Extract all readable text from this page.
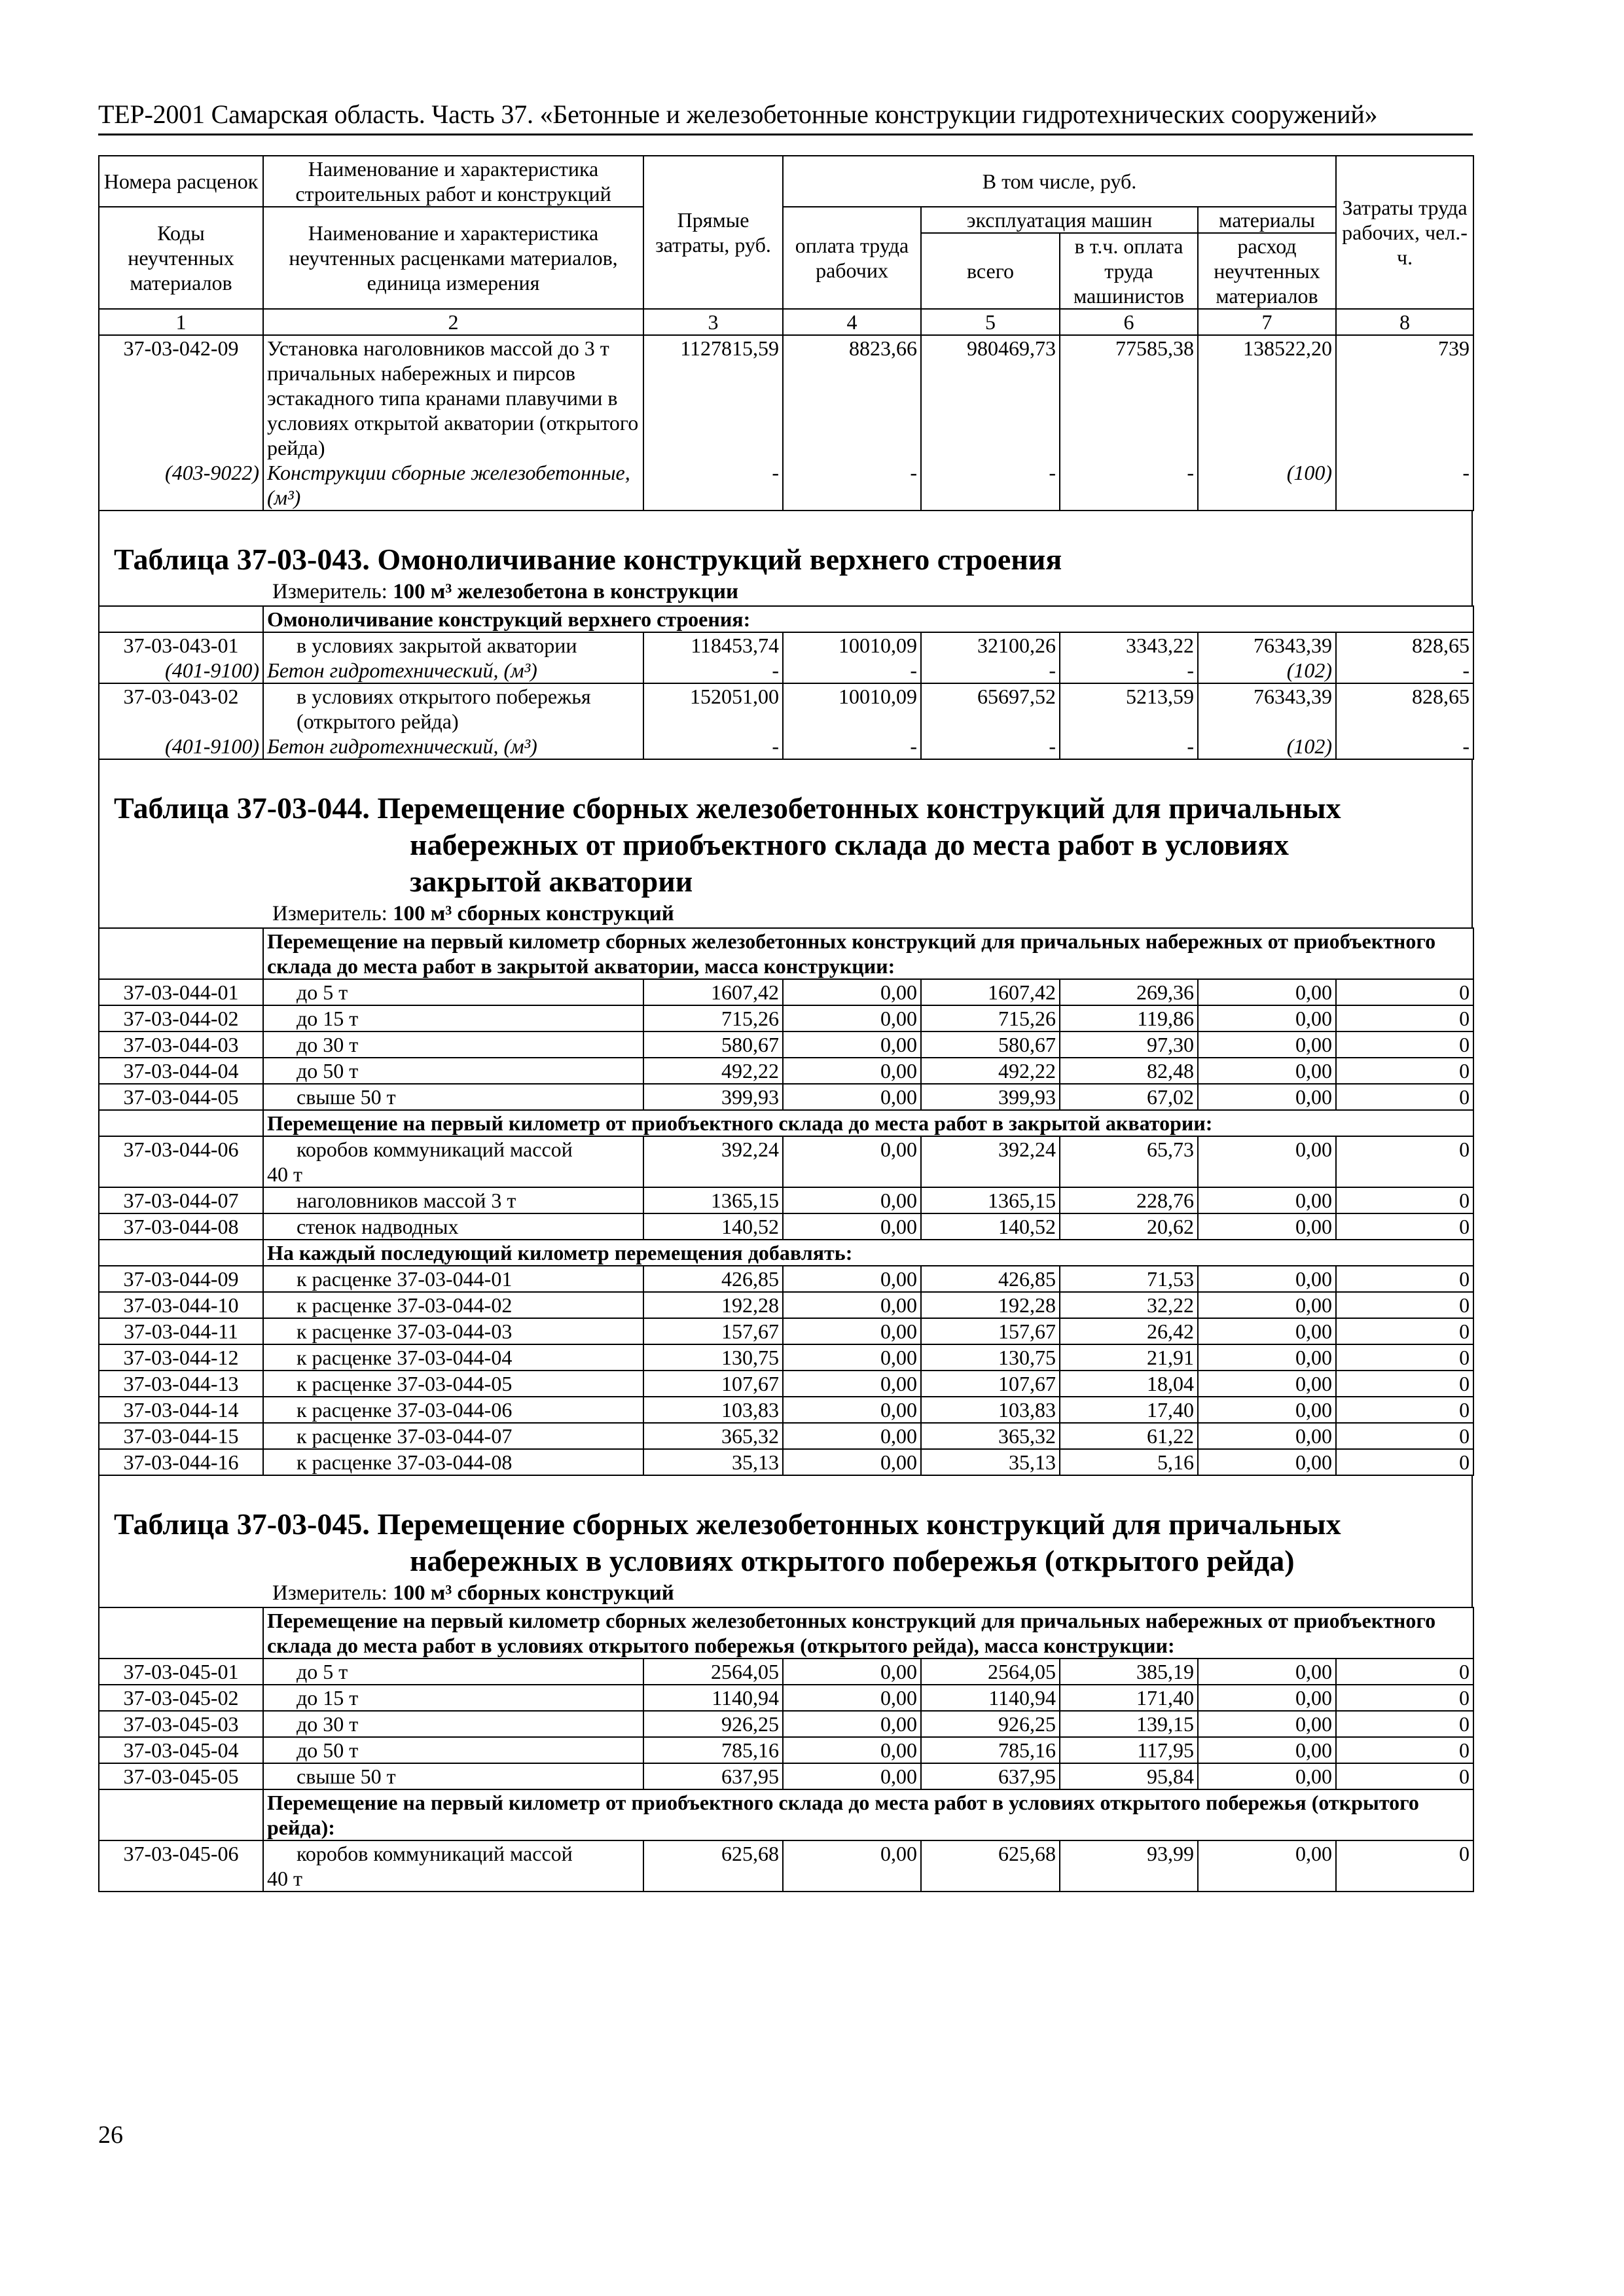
ТЕР-2001 Самарская область. Часть 37. «Бетонные и железобетонные конструкции гидротехнических сооружений»
Номера расценок	Наименование и характеристика строительных работ и конструкций	Прямые затраты, руб.	В том числе, руб.				Затраты труда рабочих, чел.-ч.
Коды неучтенных материалов	Наименование и характеристика неучтенных расценками материалов, единица измерения		оплата труда рабочих	эксплуатация машин		материалы	
				всего	в т.ч. оплата труда машинистов	расход неучтенных материалов	
1	2	3	4	5	6	7	8
37-03-042-09	Установка наголовников массой до 3 т причальных набережных и пирсов эстакадного типа кранами плавучими в условиях открытой акватории (открытого рейда)	1127815,59	8823,66	980469,73	77585,38	138522,20	739
(403-9022)	Конструкции сборные железобетонные, (м³)	-	-	-	-	(100)	-
Таблица 37-03-043. Омоноличивание конструкций верхнего строения
Измеритель: 100 м³ железобетона в конструкции
	Омоноличивание конструкций верхнего строения:						
37-03-043-01	в условиях закрытой акватории	118453,74	10010,09	32100,26	3343,22	76343,39	828,65
(401-9100)	Бетон гидротехнический, (м³)	-	-	-	-	(102)	-
37-03-043-02	в условиях открытого побережья (открытого рейда)	152051,00	10010,09	65697,52	5213,59	76343,39	828,65
(401-9100)	Бетон гидротехнический, (м³)	-	-	-	-	(102)	-
Таблица 37-03-044. Перемещение сборных железобетонных конструкций для причальных
набережных от приобъектного склада до места работ в условиях
закрытой акватории
Измеритель: 100 м³ сборных конструкций
	Перемещение на первый километр сборных железобетонных конструкций для причальных набережных от приобъектного склада до места работ в закрытой акватории, масса конструкции:						
37-03-044-01	до 5 т	1607,42	0,00	1607,42	269,36	0,00	0
37-03-044-02	до 15 т	715,26	0,00	715,26	119,86	0,00	0
37-03-044-03	до 30 т	580,67	0,00	580,67	97,30	0,00	0
37-03-044-04	до 50 т	492,22	0,00	492,22	82,48	0,00	0
37-03-044-05	свыше 50 т	399,93	0,00	399,93	67,02	0,00	0
	Перемещение на первый километр от приобъектного склада до места работ в закрытой акватории:						
37-03-044-06	коробов коммуникаций массой
40 т	392,24	0,00	392,24	65,73	0,00	0
37-03-044-07	наголовников массой 3 т	1365,15	0,00	1365,15	228,76	0,00	0
37-03-044-08	стенок надводных	140,52	0,00	140,52	20,62	0,00	0
	На каждый последующий километр перемещения добавлять:						
37-03-044-09	к расценке 37-03-044-01	426,85	0,00	426,85	71,53	0,00	0
37-03-044-10	к расценке 37-03-044-02	192,28	0,00	192,28	32,22	0,00	0
37-03-044-11	к расценке 37-03-044-03	157,67	0,00	157,67	26,42	0,00	0
37-03-044-12	к расценке 37-03-044-04	130,75	0,00	130,75	21,91	0,00	0
37-03-044-13	к расценке 37-03-044-05	107,67	0,00	107,67	18,04	0,00	0
37-03-044-14	к расценке 37-03-044-06	103,83	0,00	103,83	17,40	0,00	0
37-03-044-15	к расценке 37-03-044-07	365,32	0,00	365,32	61,22	0,00	0
37-03-044-16	к расценке 37-03-044-08	35,13	0,00	35,13	5,16	0,00	0
Таблица 37-03-045. Перемещение сборных железобетонных конструкций для причальных
набережных в условиях открытого побережья (открытого рейда)
Измеритель: 100 м³ сборных конструкций
	Перемещение на первый километр сборных железобетонных конструкций для причальных набережных от приобъектного склада до места работ в условиях открытого побережья (открытого рейда), масса конструкции:						
37-03-045-01	до 5 т	2564,05	0,00	2564,05	385,19	0,00	0
37-03-045-02	до 15 т	1140,94	0,00	1140,94	171,40	0,00	0
37-03-045-03	до 30 т	926,25	0,00	926,25	139,15	0,00	0
37-03-045-04	до 50 т	785,16	0,00	785,16	117,95	0,00	0
37-03-045-05	свыше 50 т	637,95	0,00	637,95	95,84	0,00	0
	Перемещение на первый километр от приобъектного склада до места работ в условиях открытого побережья (открытого рейда):						
37-03-045-06	коробов коммуникаций массой
40 т	625,68	0,00	625,68	93,99	0,00	0
26
